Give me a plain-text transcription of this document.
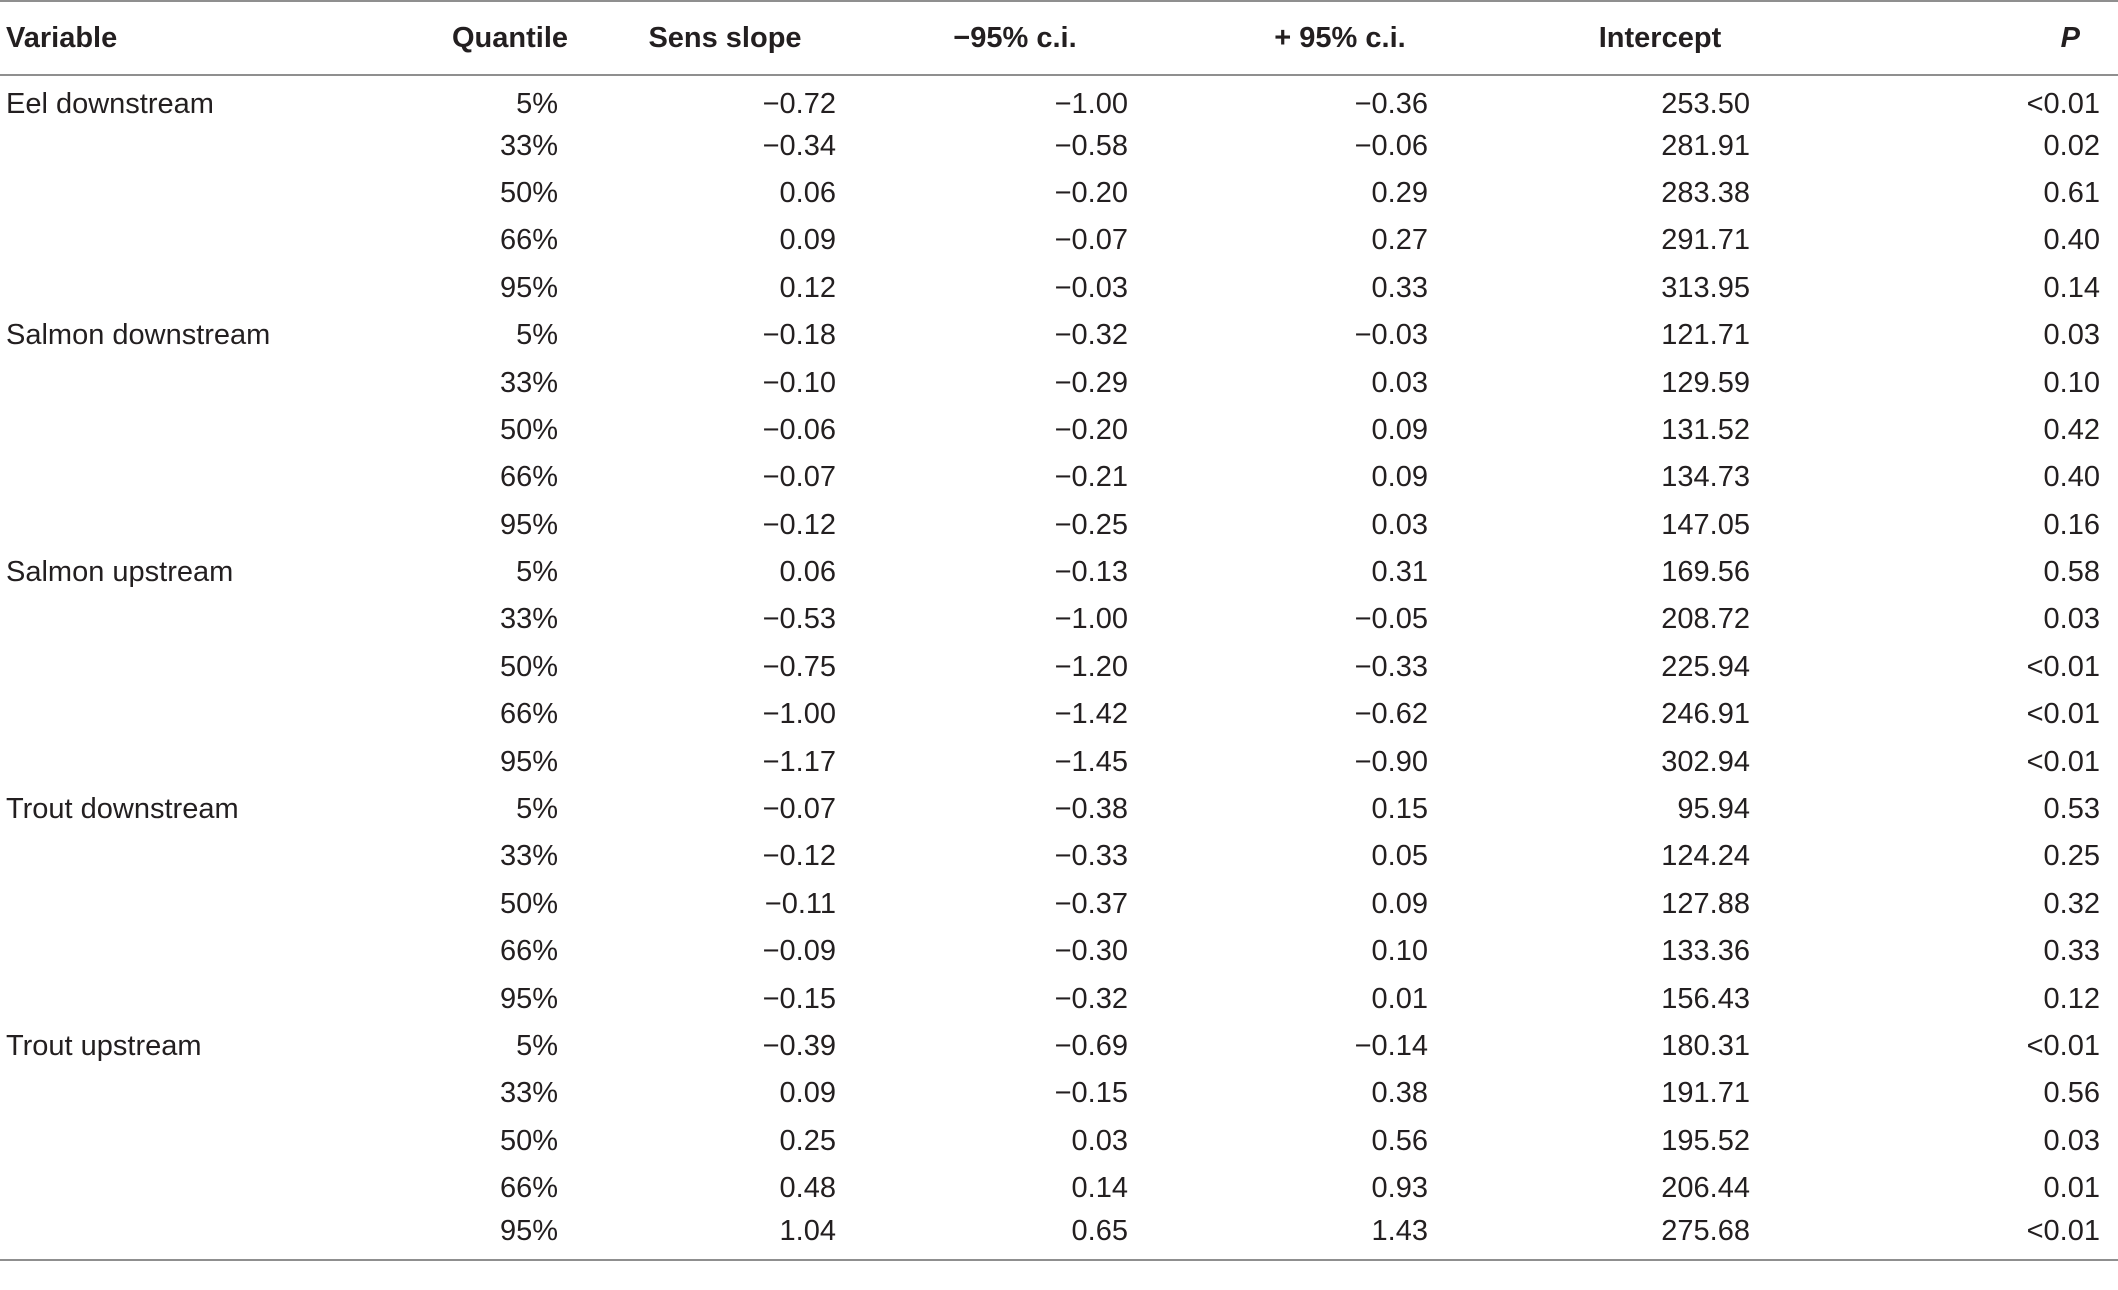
Variable	Quantile	Sens slope	−95% c.i.	+ 95% c.i.	Intercept	P
Eel downstream	5%	−0.72	−1.00	−0.36	253.50	<0.01
	33%	−0.34	−0.58	−0.06	281.91	0.02
	50%	0.06	−0.20	0.29	283.38	0.61
	66%	0.09	−0.07	0.27	291.71	0.40
	95%	0.12	−0.03	0.33	313.95	0.14
Salmon downstream	5%	−0.18	−0.32	−0.03	121.71	0.03
	33%	−0.10	−0.29	0.03	129.59	0.10
	50%	−0.06	−0.20	0.09	131.52	0.42
	66%	−0.07	−0.21	0.09	134.73	0.40
	95%	−0.12	−0.25	0.03	147.05	0.16
Salmon upstream	5%	0.06	−0.13	0.31	169.56	0.58
	33%	−0.53	−1.00	−0.05	208.72	0.03
	50%	−0.75	−1.20	−0.33	225.94	<0.01
	66%	−1.00	−1.42	−0.62	246.91	<0.01
	95%	−1.17	−1.45	−0.90	302.94	<0.01
Trout downstream	5%	−0.07	−0.38	0.15	95.94	0.53
	33%	−0.12	−0.33	0.05	124.24	0.25
	50%	−0.11	−0.37	0.09	127.88	0.32
	66%	−0.09	−0.30	0.10	133.36	0.33
	95%	−0.15	−0.32	0.01	156.43	0.12
Trout upstream	5%	−0.39	−0.69	−0.14	180.31	<0.01
	33%	0.09	−0.15	0.38	191.71	0.56
	50%	0.25	0.03	0.56	195.52	0.03
	66%	0.48	0.14	0.93	206.44	0.01
	95%	1.04	0.65	1.43	275.68	<0.01
